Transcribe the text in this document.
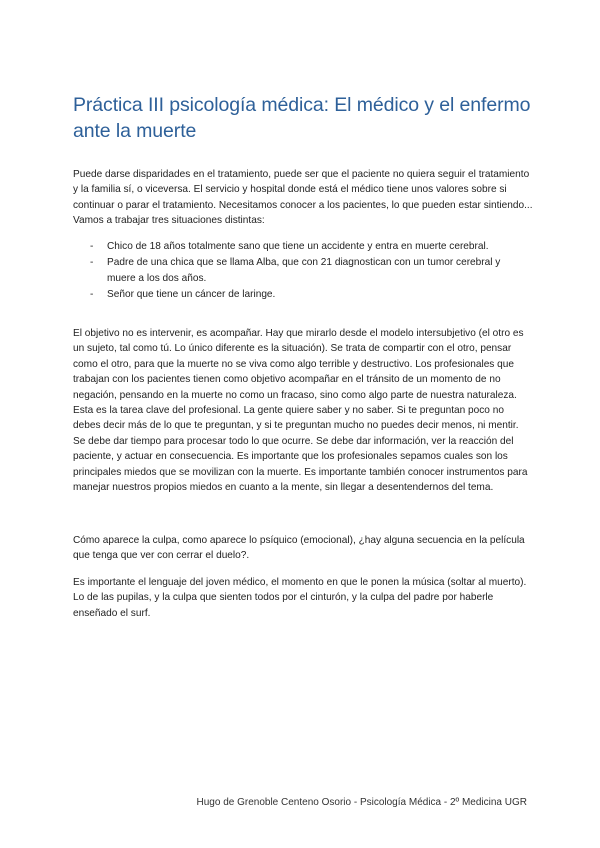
Práctica III psicología médica: El médico y el enfermo ante la muerte

Puede darse disparidades en el tratamiento, puede ser que el paciente no quiera seguir el tratamiento y la familia sí, o viceversa. El servicio y hospital donde está el médico tiene unos valores sobre si continuar o parar el tratamiento. Necesitamos conocer a los pacientes, lo que pueden estar sintiendo... Vamos a trabajar tres situaciones distintas:

- Chico de 18 años totalmente sano que tiene un accidente y entra en muerte cerebral.
- Padre de una chica que se llama Alba, que con 21 diagnostican con un tumor cerebral y muere a los dos años.
- Señor que tiene un cáncer de laringe.

El objetivo no es intervenir, es acompañar. Hay que mirarlo desde el modelo intersubjetivo (el otro es un sujeto, tal como tú. Lo único diferente es la situación). Se trata de compartir con el otro, pensar como el otro, para que la muerte no se viva como algo terrible y destructivo. Los profesionales que trabajan con los pacientes tienen como objetivo acompañar en el tránsito de un momento de no negación, pensando en la muerte no como un fracaso, sino como algo parte de nuestra naturaleza. Esta es la tarea clave del profesional. La gente quiere saber y no saber. Si te preguntan poco no debes decir más de lo que te preguntan, y si te preguntan mucho no puedes decir menos, ni mentir. Se debe dar tiempo para procesar todo lo que ocurre. Se debe dar información, ver la reacción del paciente, y actuar en consecuencia. Es importante que los profesionales sepamos cuales son los principales miedos que se movilizan con la muerte. Es importante también conocer instrumentos para manejar nuestros propios miedos en cuanto a la mente, sin llegar a desentendernos del tema.

Cómo aparece la culpa, como aparece lo psíquico (emocional), ¿hay alguna secuencia en la película que tenga que ver con cerrar el duelo?.

Es importante el lenguaje del joven médico, el momento en que le ponen la música (soltar al muerto). Lo de las pupilas, y la culpa que sienten todos por el cinturón, y la culpa del padre por haberle enseñado el surf.

Hugo de Grenoble Centeno Osorio - Psicología Médica - 2º Medicina UGR
